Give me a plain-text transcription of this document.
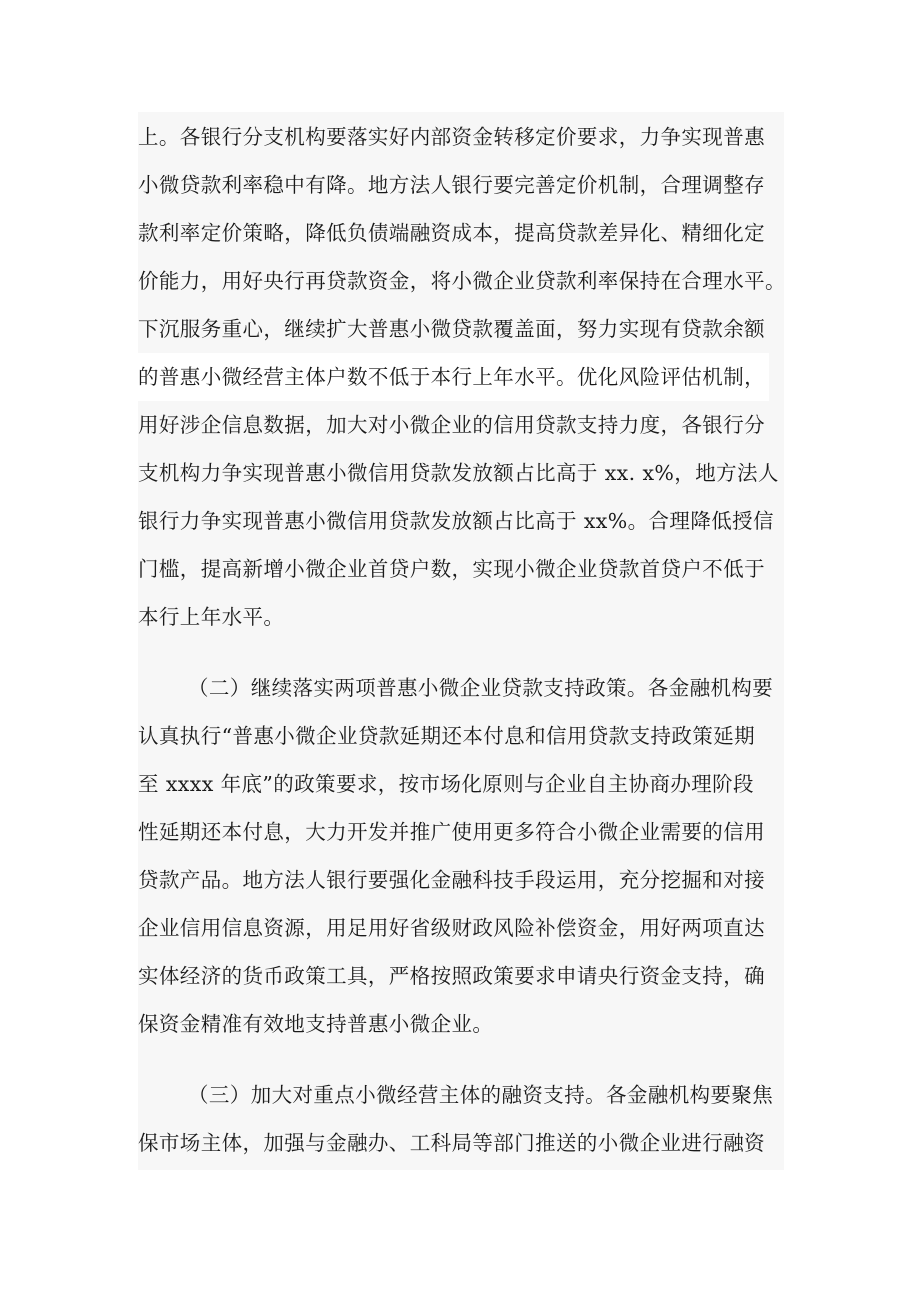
上。各银行分支机构要落实好内部资金转移定价要求，力争实现普惠
小微贷款利率稳中有降。地方法人银行要完善定价机制，合理调整存
款利率定价策略，降低负债端融资成本，提高贷款差异化、精细化定
价能力，用好央行再贷款资金，将小微企业贷款利率保持在合理水平。
下沉服务重心，继续扩大普惠小微贷款覆盖面，努力实现有贷款余额
的普惠小微经营主体户数不低于本行上年水平。优化风险评估机制，
用好涉企信息数据，加大对小微企业的信用贷款支持力度，各银行分
支机构力争实现普惠小微信用贷款发放额占比高于 xx. x%，地方法人
银行力争实现普惠小微信用贷款发放额占比高于 xx%。合理降低授信
门槛，提高新增小微企业首贷户数，实现小微企业贷款首贷户不低于
本行上年水平。
（二）继续落实两项普惠小微企业贷款支持政策。各金融机构要
认真执行“普惠小微企业贷款延期还本付息和信用贷款支持政策延期
至 xxxx 年底”的政策要求，按市场化原则与企业自主协商办理阶段
性延期还本付息，大力开发并推广使用更多符合小微企业需要的信用
贷款产品。地方法人银行要强化金融科技手段运用，充分挖掘和对接
企业信用信息资源，用足用好省级财政风险补偿资金，用好两项直达
实体经济的货币政策工具，严格按照政策要求申请央行资金支持，确
保资金精准有效地支持普惠小微企业。
（三）加大对重点小微经营主体的融资支持。各金融机构要聚焦
保市场主体，加强与金融办、工科局等部门推送的小微企业进行融资
